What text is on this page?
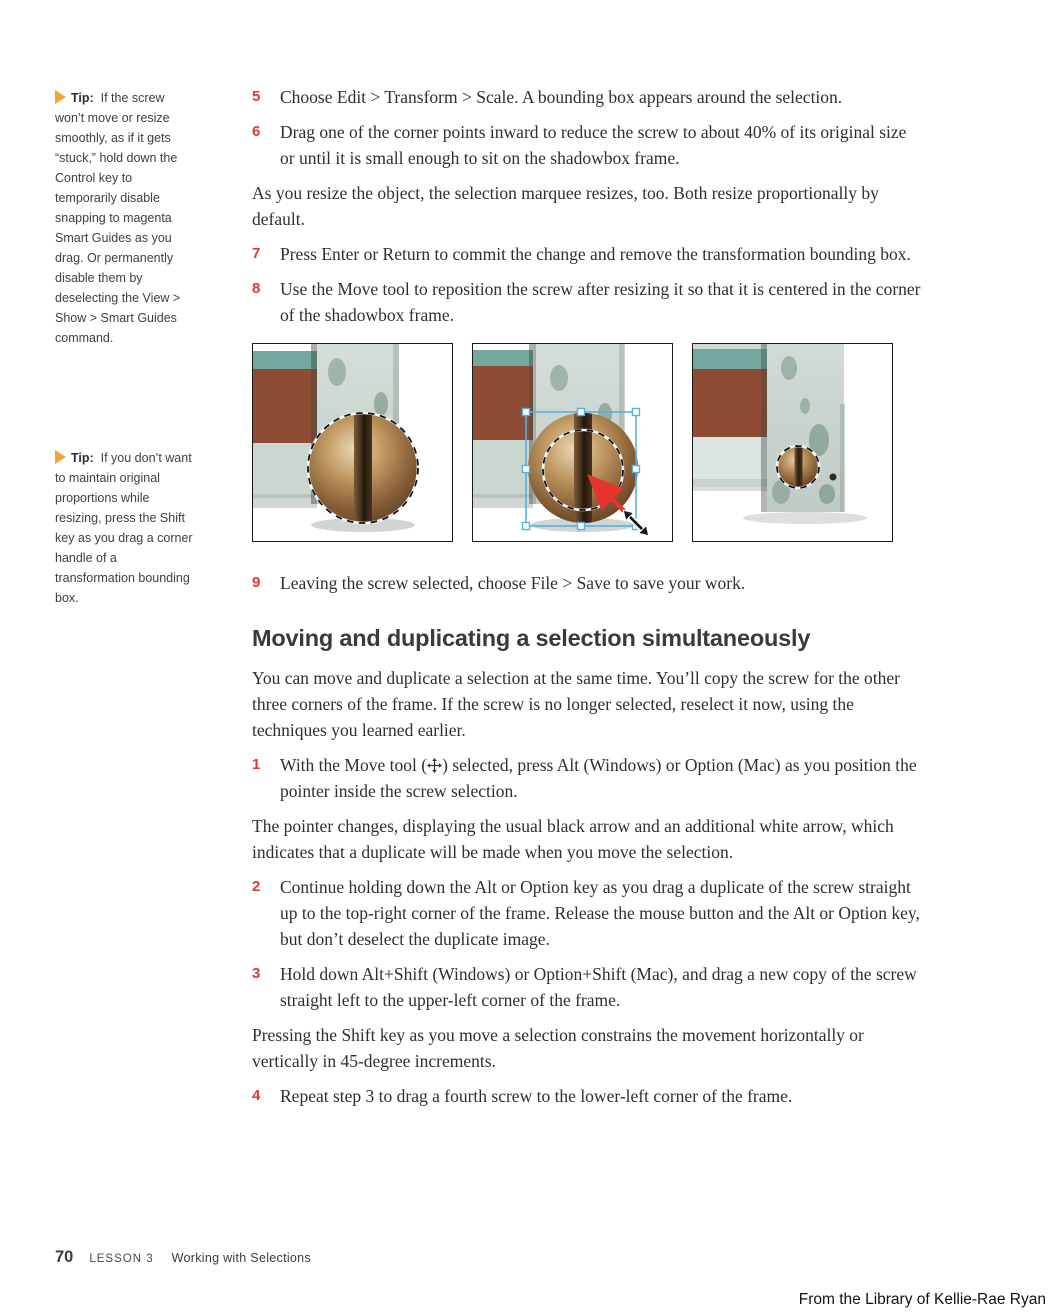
Tip: If the screw won’t move or resize smoothly, as if it gets “stuck,” hold down the Control key to temporarily disable snapping to magenta Smart Guides as you drag. Or permanently disable them by deselecting the View > Show > Smart Guides command.
Tip: If you don’t want to maintain original proportions while resizing, press the Shift key as you drag a corner handle of a transformation bounding box.
5	Choose Edit > Transform > Scale. A bounding box appears around the selection.
6	Drag one of the corner points inward to reduce the screw to about 40% of its original size or until it is small enough to sit on the shadowbox frame.

As you resize the object, the selection marquee resizes, too. Both resize proportionally by default.

7	Press Enter or Return to commit the change and remove the transformation bounding box.
8	Use the Move tool to reposition the screw after resizing it so that it is centered in the corner of the shadowbox frame.
9	Leaving the screw selected, choose File > Save to save your work.
Moving and duplicating a selection simultaneously

You can move and duplicate a selection at the same time. You’ll copy the screw for the other three corners of the frame. If the screw is no longer selected, reselect it now, using the techniques you learned earlier.

1	With the Move tool ( ) selected, press Alt (Windows) or Option (Mac) as you position the pointer inside the screw selection.

The pointer changes, displaying the usual black arrow and an additional white arrow, which indicates that a duplicate will be made when you move the selection.

2	Continue holding down the Alt or Option key as you drag a duplicate of the screw straight up to the top-right corner of the frame. Release the mouse button and the Alt or Option key, but don’t deselect the duplicate image.
3	Hold down Alt+Shift (Windows) or Option+Shift (Mac), and drag a new copy of the screw straight left to the upper-left corner of the frame.

Pressing the Shift key as you move a selection constrains the movement horizontally or vertically in 45-degree increments.

4	Repeat step 3 to drag a fourth screw to the lower-left corner of the frame.
70 LESSON 3 Working with Selections
From the Library of Kellie-Rae Ryan
